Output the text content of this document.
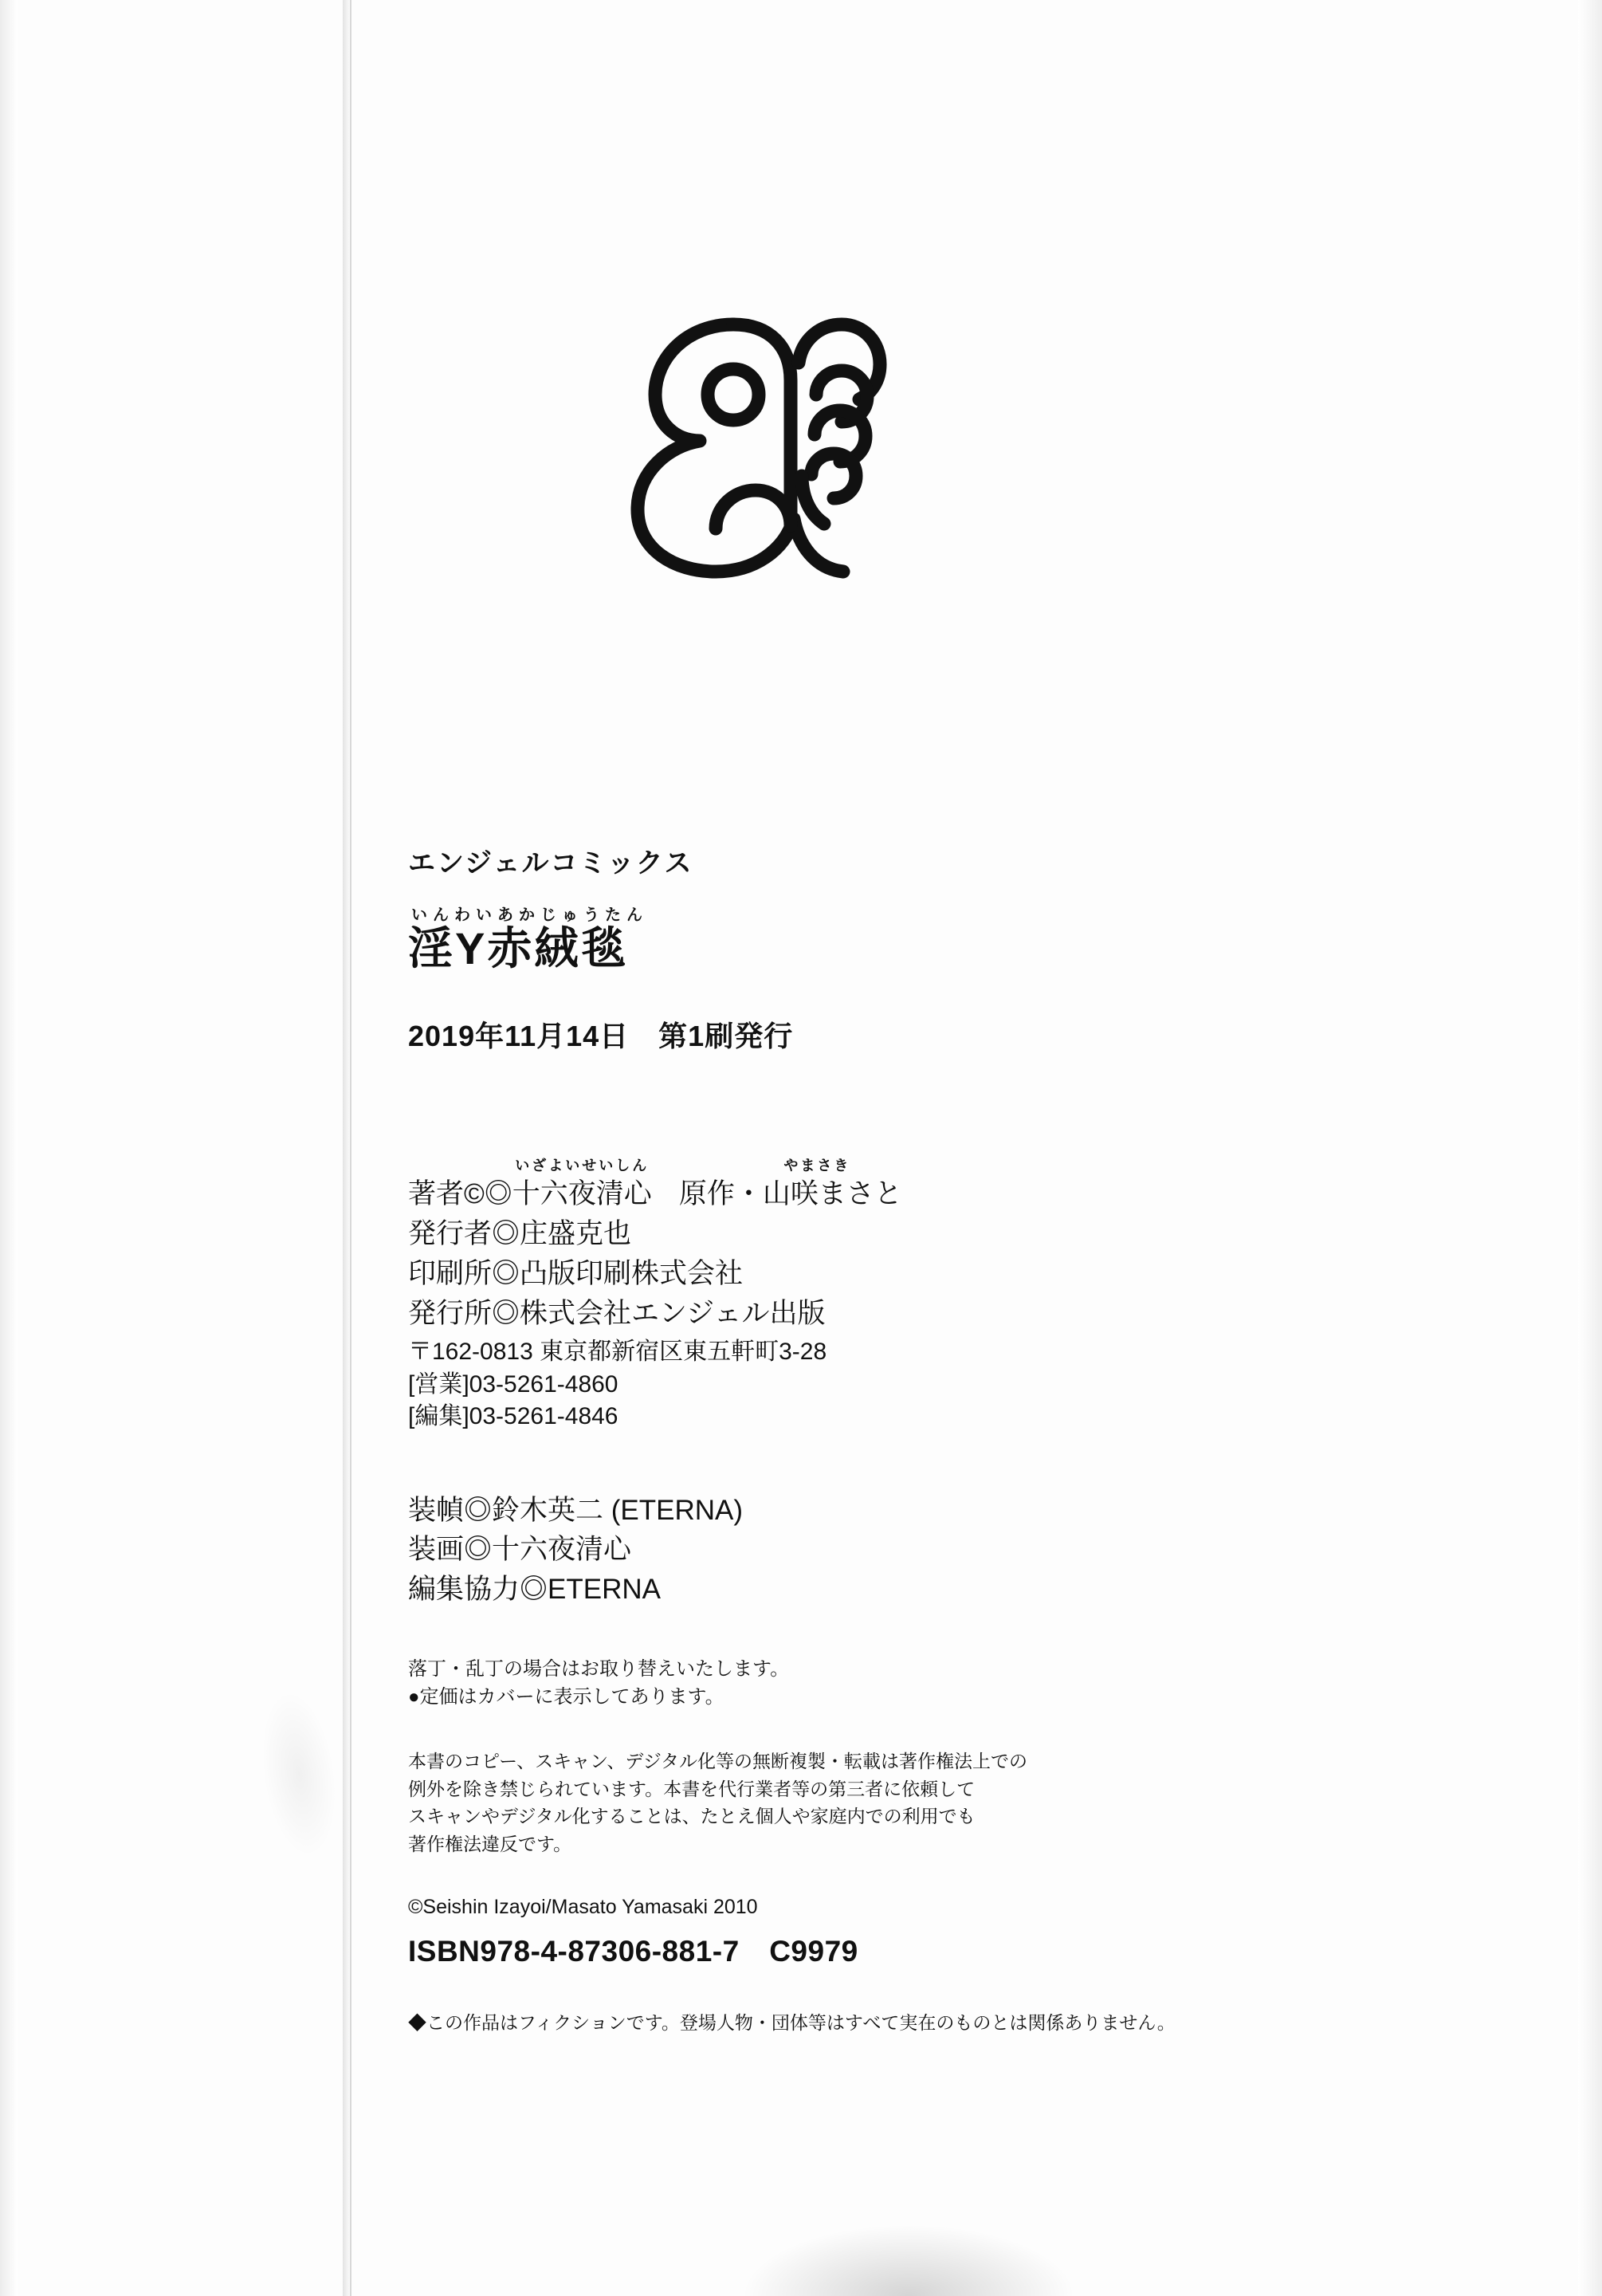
エンジェルコミックス
いんわいあかじゅうたん
淫Y赤絨毯
2019年11月14日　第1刷発行
著者©◎
いざよいせいしん
十六夜清心
やまさき
原作・山咲まさと
発行者◎庄盛克也
印刷所◎凸版印刷株式会社
発行所◎株式会社エンジェル出版
〒162-0813 東京都新宿区東五軒町3-28
[営業]03-5261-4860
[編集]03-5261-4846
装幀◎鈴木英二 (ETERNA)
装画◎十六夜清心
編集協力◎ETERNA
落丁・乱丁の場合はお取り替えいたします。
●定価はカバーに表示してあります。
本書のコピー、スキャン、デジタル化等の無断複製・転載は著作権法上での
例外を除き禁じられています。本書を代行業者等の第三者に依頼して
スキャンやデジタル化することは、たとえ個人や家庭内での利用でも
著作権法違反です。
©Seishin Izayoi/Masato Yamasaki 2010
ISBN978-4-87306-881-7　C9979
◆この作品はフィクションです。登場人物・団体等はすべて実在のものとは関係ありません。
